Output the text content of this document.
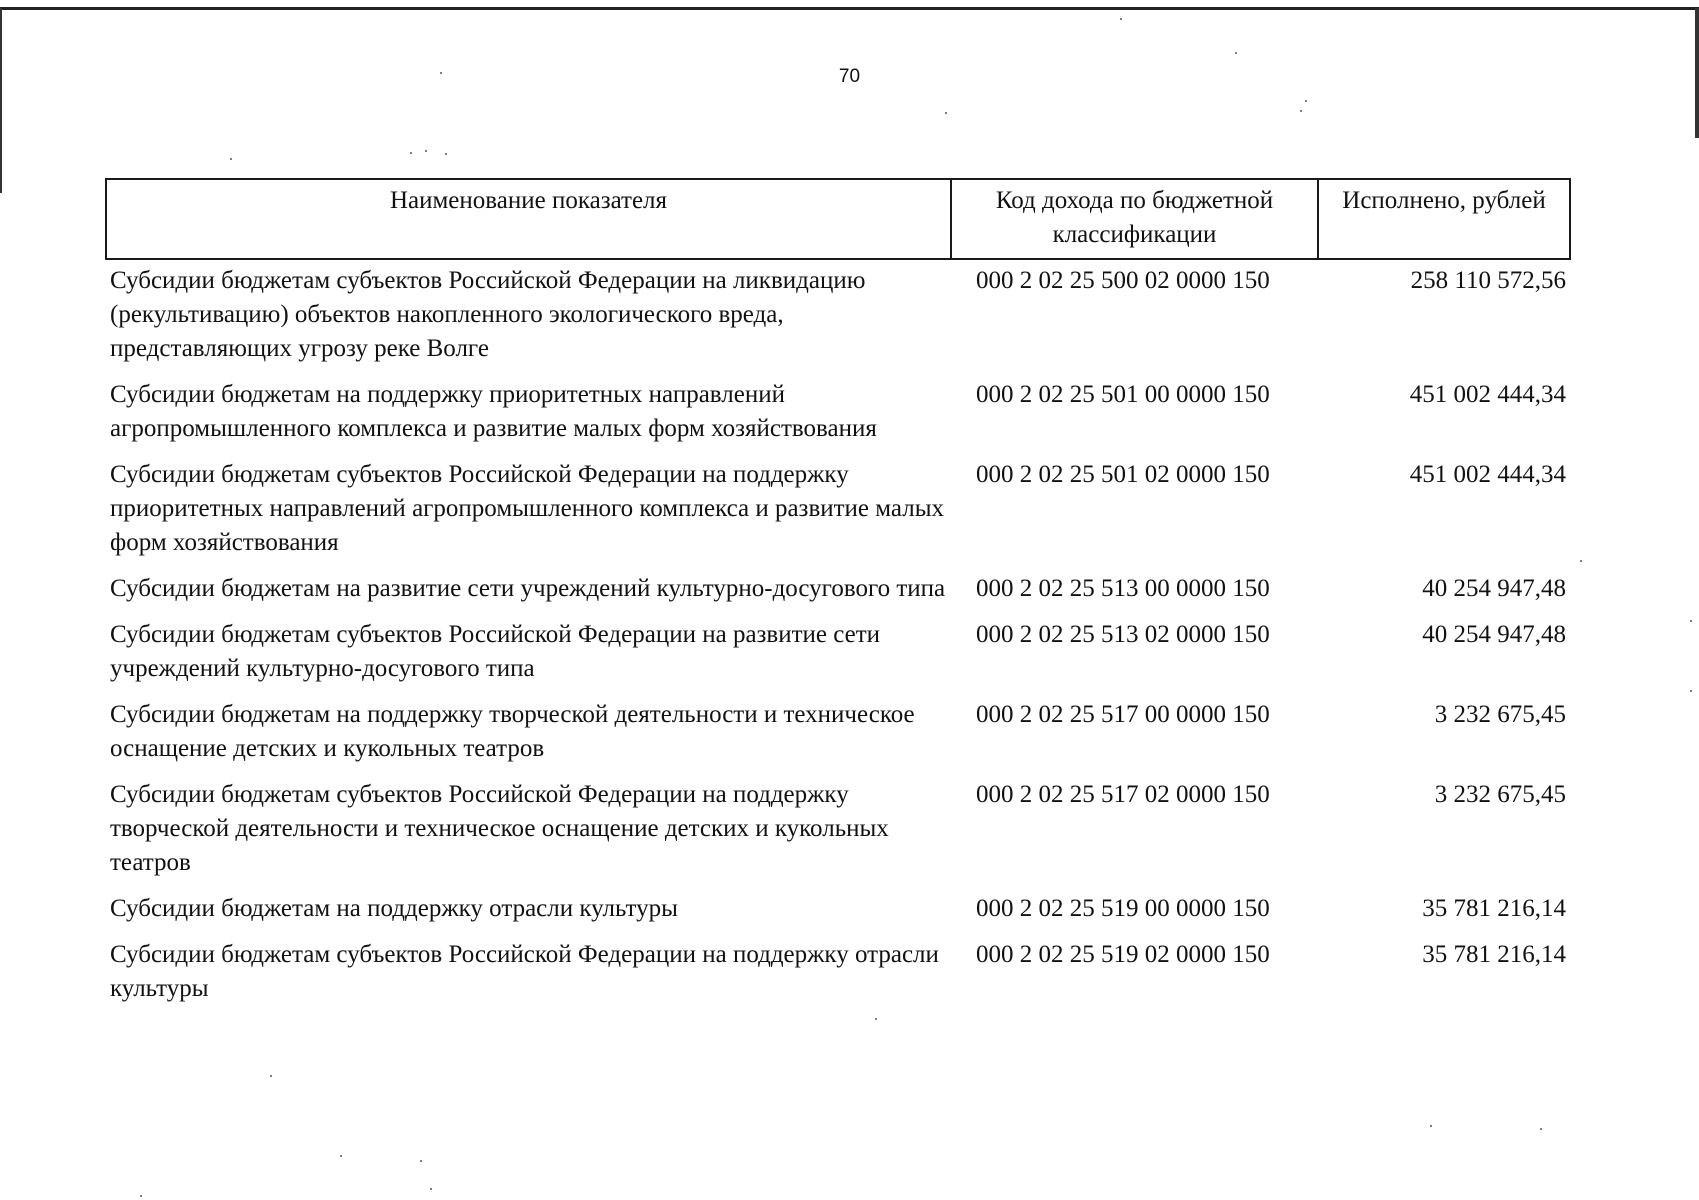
70
Наименование показателя	Код дохода по бюджетной классификации	Исполнено, рублей
Субсидии бюджетам субъектов Российской Федерации на ликвидацию (рекультивацию) объектов накопленного экологического вреда, представляющих угрозу реке Волге	000 2 02 25 500 02 0000 150	258 110 572,56
Субсидии бюджетам на поддержку приоритетных направлений агропромышленного комплекса и развитие малых форм хозяйствования	000 2 02 25 501 00 0000 150	451 002 444,34
Субсидии бюджетам субъектов Российской Федерации на поддержку приоритетных направлений агропромышленного комплекса и развитие малых форм хозяйствования	000 2 02 25 501 02 0000 150	451 002 444,34
Субсидии бюджетам на развитие сети учреждений культурно-досугового типа	000 2 02 25 513 00 0000 150	40 254 947,48
Субсидии бюджетам субъектов Российской Федерации на развитие сети учреждений культурно-досугового типа	000 2 02 25 513 02 0000 150	40 254 947,48
Субсидии бюджетам на поддержку творческой деятельности и техническое оснащение детских и кукольных театров	000 2 02 25 517 00 0000 150	3 232 675,45
Субсидии бюджетам субъектов Российской Федерации на поддержку творческой деятельности и техническое оснащение детских и кукольных театров	000 2 02 25 517 02 0000 150	3 232 675,45
Субсидии бюджетам на поддержку отрасли культуры	000 2 02 25 519 00 0000 150	35 781 216,14
Субсидии бюджетам субъектов Российской Федерации на поддержку отрасли культуры	000 2 02 25 519 02 0000 150	35 781 216,14
